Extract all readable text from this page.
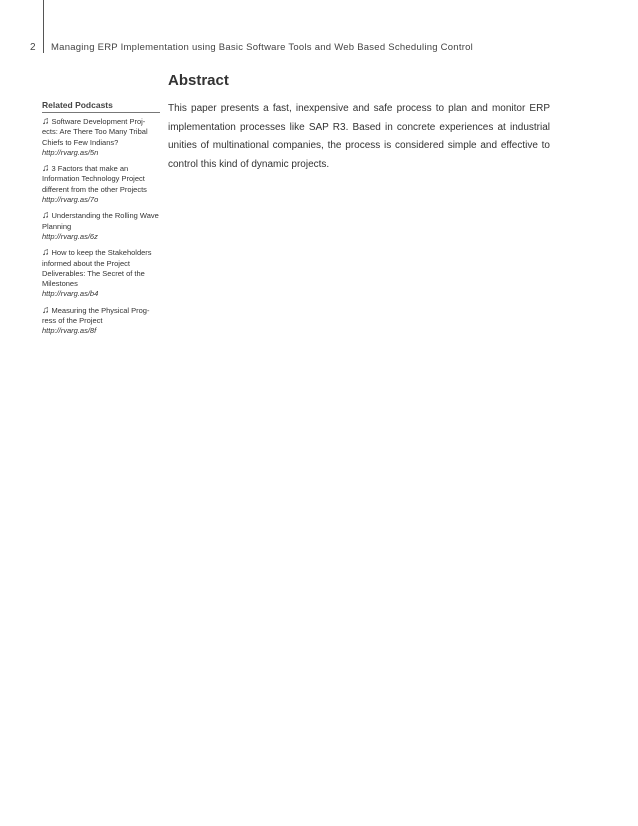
2 Managing ERP Implementation using Basic Software Tools and Web Based Scheduling Control
Related Podcasts
♫ Software Development Proj-ects: Are There Too Many Tribal Chiefs to Few Indians?
http://rvarg.as/5n
♫ 3 Factors that make an Information Technology Project different from the other Projects
http://rvarg.as/7o
♫ Understanding the Rolling Wave Planning
http://rvarg.as/6z
♫ How to keep the Stakeholders informed about the Project Deliverables: The Secret of the Milestones
http://rvarg.as/b4
♫ Measuring the Physical Prog-ress of the Project
http://rvarg.as/8f
Abstract

This paper presents a fast, inexpensive and safe process to plan and monitor ERP implementation processes like SAP R3. Based in concrete experiences at industrial unities of multinational companies, the process is considered simple and effective to control this kind of dynamic projects.
